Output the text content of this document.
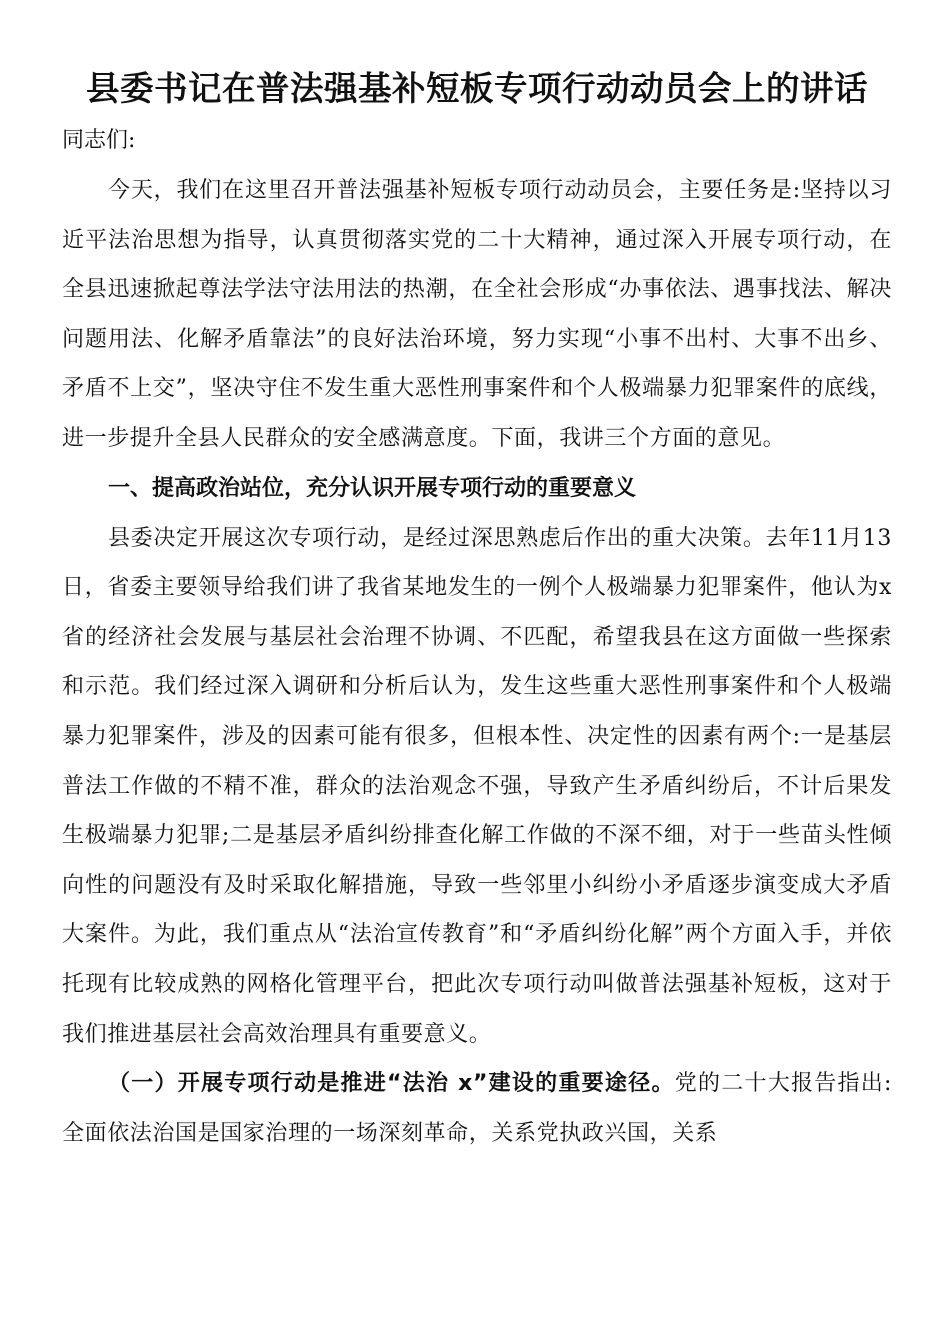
县委书记在普法强基补短板专项行动动员会上的讲话

同志们:

今天，我们在这里召开普法强基补短板专项行动动员会，主要任务是:坚持以习近平法治思想为指导，认真贯彻落实党的二十大精神，通过深入开展专项行动，在全县迅速掀起尊法学法守法用法的热潮，在全社会形成“办事依法、遇事找法、解决问题用法、化解矛盾靠法”的良好法治环境，努力实现“小事不出村、大事不出乡、矛盾不上交”，坚决守住不发生重大恶性刑事案件和个人极端暴力犯罪案件的底线，进一步提升全县人民群众的安全感满意度。下面，我讲三个方面的意见。

一、提高政治站位，充分认识开展专项行动的重要意义

县委决定开展这次专项行动，是经过深思熟虑后作出的重大决策。去年11月13日，省委主要领导给我们讲了我省某地发生的一例个人极端暴力犯罪案件，他认为x省的经济社会发展与基层社会治理不协调、不匹配，希望我县在这方面做一些探索和示范。我们经过深入调研和分析后认为，发生这些重大恶性刑事案件和个人极端暴力犯罪案件，涉及的因素可能有很多，但根本性、决定性的因素有两个:一是基层普法工作做的不精不准，群众的法治观念不强，导致产生矛盾纠纷后，不计后果发生极端暴力犯罪;二是基层矛盾纠纷排查化解工作做的不深不细，对于一些苗头性倾向性的问题没有及时采取化解措施，导致一些邻里小纠纷小矛盾逐步演变成大矛盾大案件。为此，我们重点从“法治宣传教育”和“矛盾纠纷化解”两个方面入手，并依托现有比较成熟的网格化管理平台，把此次专项行动叫做普法强基补短板，这对于我们推进基层社会高效治理具有重要意义。

（一）开展专项行动是推进“法治 x”建设的重要途径。党的二十大报告指出:全面依法治国是国家治理的一场深刻革命，关系党执政兴国，关系
